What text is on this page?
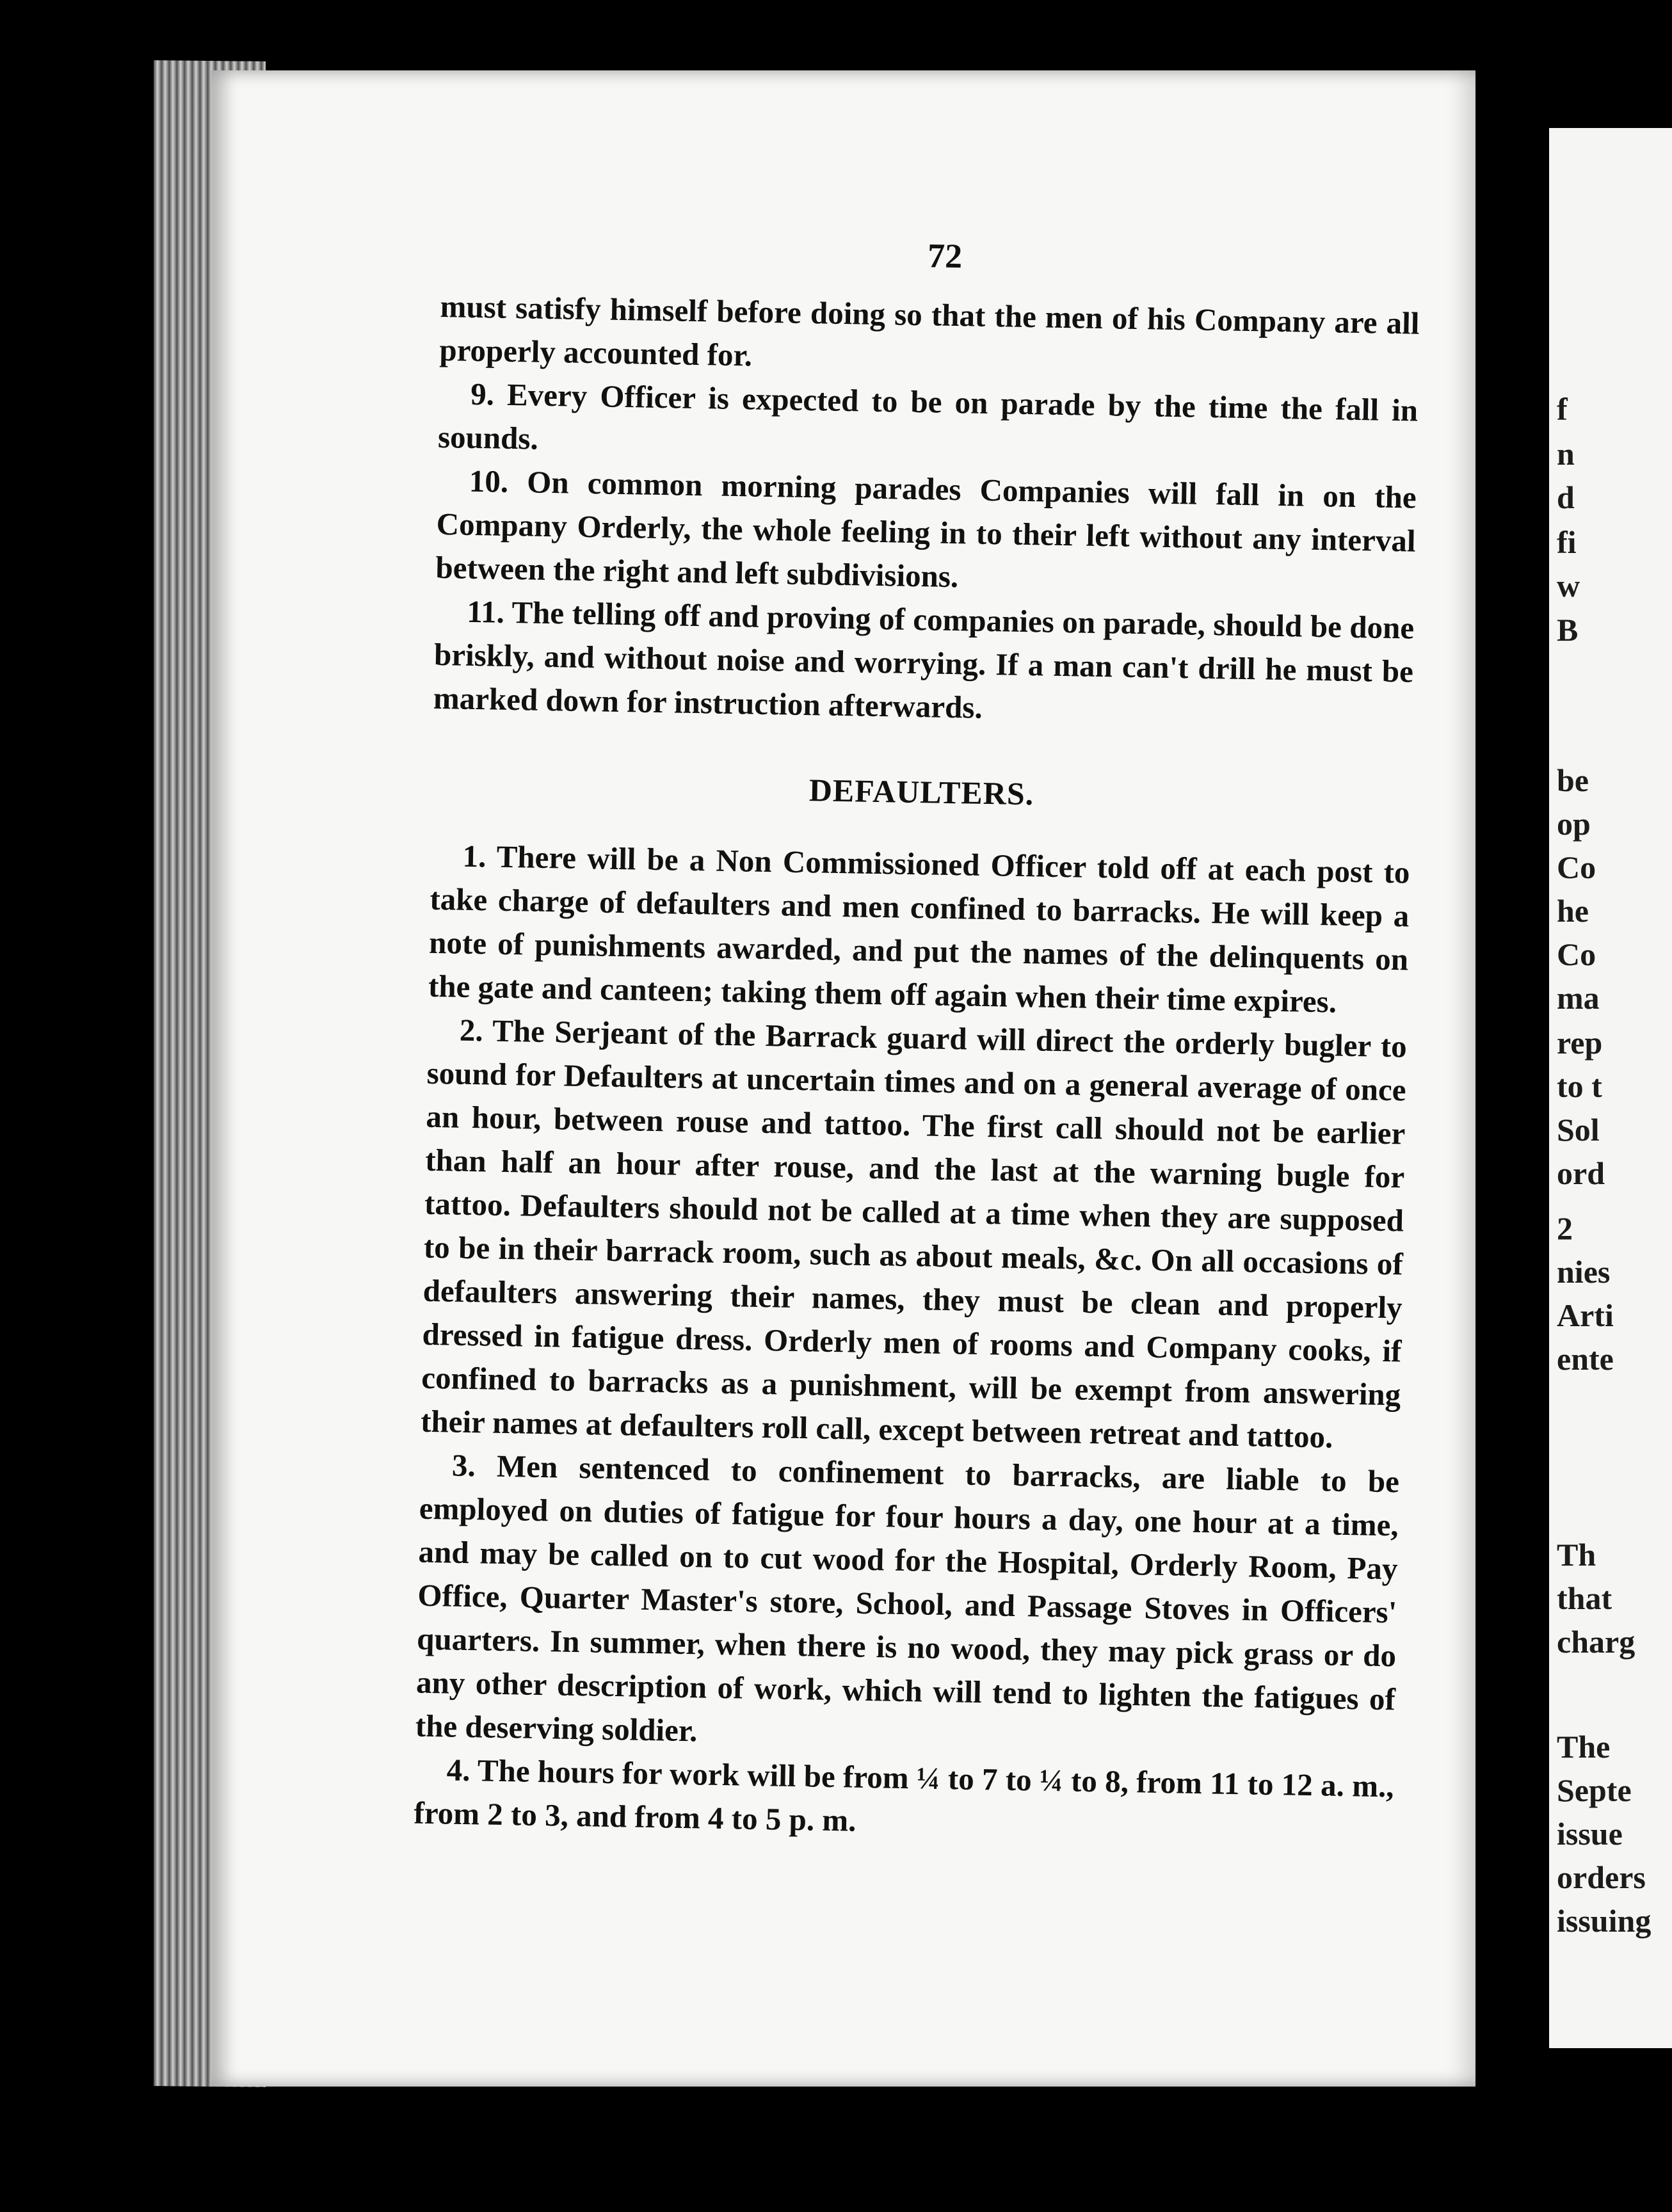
f
n
d
fi
w
B
be
op
Co
he
Co
ma
rep
to t
Sol
ord
2
nies
Arti
ente
Th
that
charg
The
Septe
issue
orders
issuing
72

must satisfy himself before doing so that the men of his Company are all properly accounted for.

9. Every Officer is expected to be on parade by the time the fall in sounds.

10. On common morning parades Companies will fall in on the Company Orderly, the whole feeling in to their left without any interval between the right and left subdivisions.

11. The telling off and proving of companies on parade, should be done briskly, and without noise and worrying. If a man can't drill he must be marked down for instruction afterwards.

DEFAULTERS.

1. There will be a Non Commissioned Officer told off at each post to take charge of defaulters and men confined to barracks. He will keep a note of punishments awarded, and put the names of the delinquents on the gate and canteen; taking them off again when their time expires.

2. The Serjeant of the Barrack guard will direct the orderly bugler to sound for Defaulters at uncertain times and on a general average of once an hour, between rouse and tattoo. The first call should not be earlier than half an hour after rouse, and the last at the warning bugle for tattoo. Defaulters should not be called at a time when they are supposed to be in their barrack room, such as about meals, &c. On all occasions of defaulters answering their names, they must be clean and properly dressed in fatigue dress. Orderly men of rooms and Company cooks, if confined to barracks as a punishment, will be exempt from answering their names at defaulters roll call, except between retreat and tattoo.

3. Men sentenced to confinement to barracks, are liable to be employed on duties of fatigue for four hours a day, one hour at a time, and may be called on to cut wood for the Hospital, Orderly Room, Pay Office, Quarter Master's store, School, and Passage Stoves in Officers' quarters. In summer, when there is no wood, they may pick grass or do any other description of work, which will tend to lighten the fatigues of the deserving soldier.

4. The hours for work will be from ¼ to 7 to ¼ to 8, from 11 to 12 a. m., from 2 to 3, and from 4 to 5 p. m.
